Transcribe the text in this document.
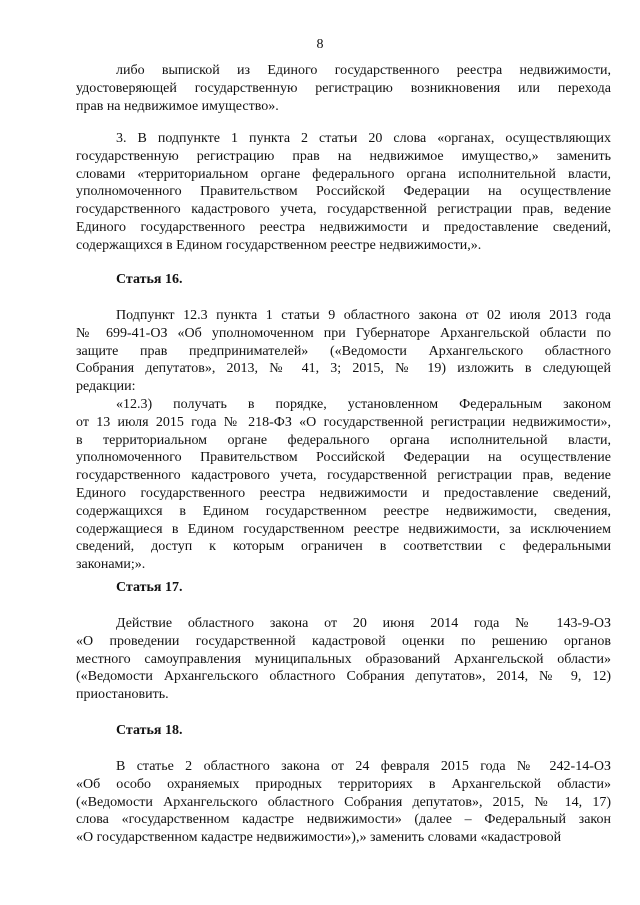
8
либо выпиской из Единого государственного реестра недвижимости,
удостоверяющей государственную регистрацию возникновения или перехода
прав на недвижимое имущество».
3. В подпункте 1 пункта 2 статьи 20 слова «органах, осуществляющих
государственную регистрацию прав на недвижимое имущество,» заменить
словами «территориальном органе федерального органа исполнительной власти,
уполномоченного Правительством Российской Федерации на осуществление
государственного кадастрового учета, государственной регистрации прав, ведение
Единого государственного реестра недвижимости и предоставление сведений,
содержащихся в Едином государственном реестре недвижимости,».
Статья 16.
Подпункт 12.3 пункта 1 статьи 9 областного закона от 02 июля 2013 года
№ 699-41-ОЗ «Об уполномоченном при Губернаторе Архангельской области по
защите прав предпринимателей» («Ведомости Архангельского областного
Собрания депутатов», 2013, № 41, 3; 2015, № 19) изложить в следующей
редакции:
«12.3) получать в порядке, установленном Федеральным законом
от 13 июля 2015 года № 218-ФЗ «О государственной регистрации недвижимости»,
в территориальном органе федерального органа исполнительной власти,
уполномоченного Правительством Российской Федерации на осуществление
государственного кадастрового учета, государственной регистрации прав, ведение
Единого государственного реестра недвижимости и предоставление сведений,
содержащихся в Едином государственном реестре недвижимости, сведения,
содержащиеся в Едином государственном реестре недвижимости, за исключением
сведений, доступ к которым ограничен в соответствии с федеральными
законами;».
Статья 17.
Действие областного закона от 20 июня 2014 года № 143-9-ОЗ
«О проведении государственной кадастровой оценки по решению органов
местного самоуправления муниципальных образований Архангельской области»
(«Ведомости Архангельского областного Собрания депутатов», 2014, № 9, 12)
приостановить.
Статья 18.
В статье 2 областного закона от 24 февраля 2015 года № 242-14-ОЗ
«Об особо охраняемых природных территориях в Архангельской области»
(«Ведомости Архангельского областного Собрания депутатов», 2015, № 14, 17)
слова «государственном кадастре недвижимости» (далее – Федеральный закон
«О государственном кадастре недвижимости»),» заменить словами «кадастровой
